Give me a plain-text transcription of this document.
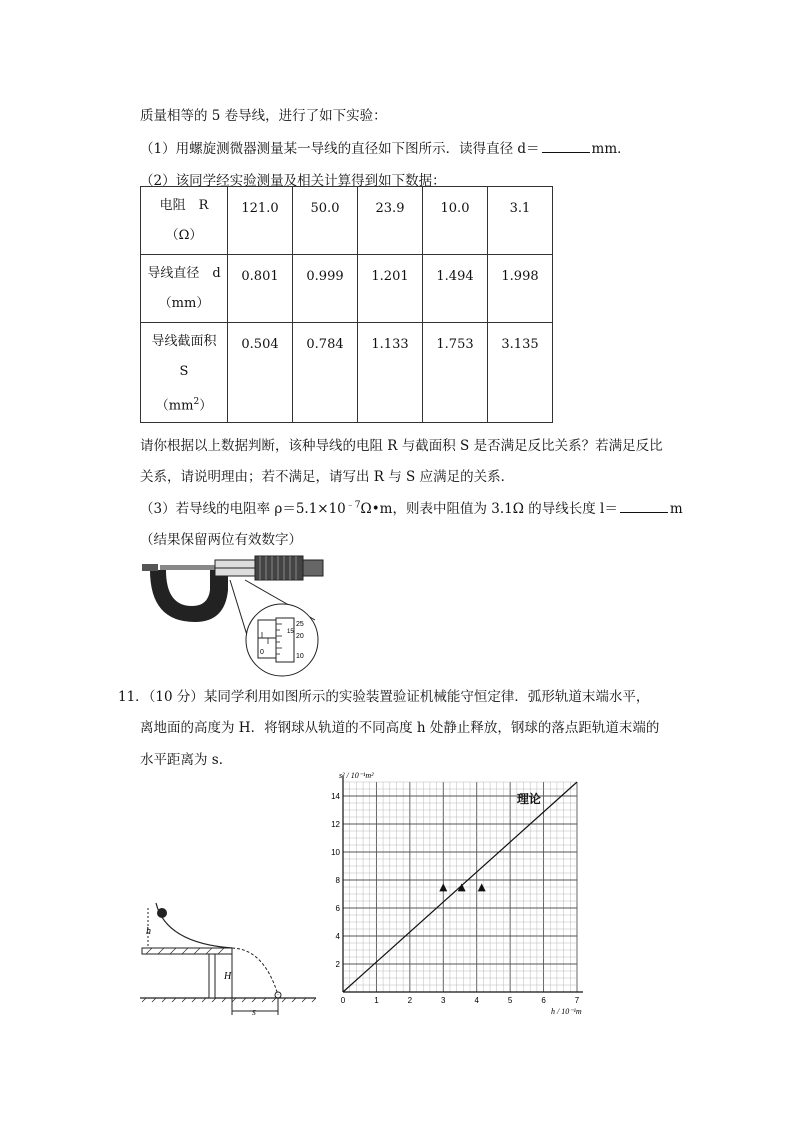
质量相等的 5 卷导线，进行了如下实验：
（1）用螺旋测微器测量某一导线的直径如下图所示．读得直径 d＝	mm．
（2）该同学经实验测量及相关计算得到如下数据：
电阻　R
（Ω）	121.0	50.0	23.9	10.0	3.1
导线直径　d
（mm）	0.801	0.999	1.201	1.494	1.998
导线截面积
S
$(mm^2)$	0.504	0.784	1.133	1.753	3.135
请你根据以上数据判断，该种导线的电阻 R 与截面积 S 是否满足反比关系？若满足反比
关系，请说明理由；若不满足，请写出 R 与 S 应满足的关系．
（3）若导线的电阻率 $\rho=5.1\times 10^{﹣7}\Omega•m$，则表中阻值为 3.1Ω 的导线长度 l＝	m
（结果保留两位有效数字）
25
20
15
0
10
11．（10 分）某同学利用如图所示的实验装置验证机械能守恒定律．弧形轨道末端水平，
离地面的高度为 H．将钢球从轨道的不同高度 h 处静止释放，钢球的落点距轨道末端的
水平距离为 s．
h
H
s
0	1	2	3	4	5	6	7
2
4
6
8
10
12
14
h / 10⁻¹m
s² / 10⁻¹m²
理论
